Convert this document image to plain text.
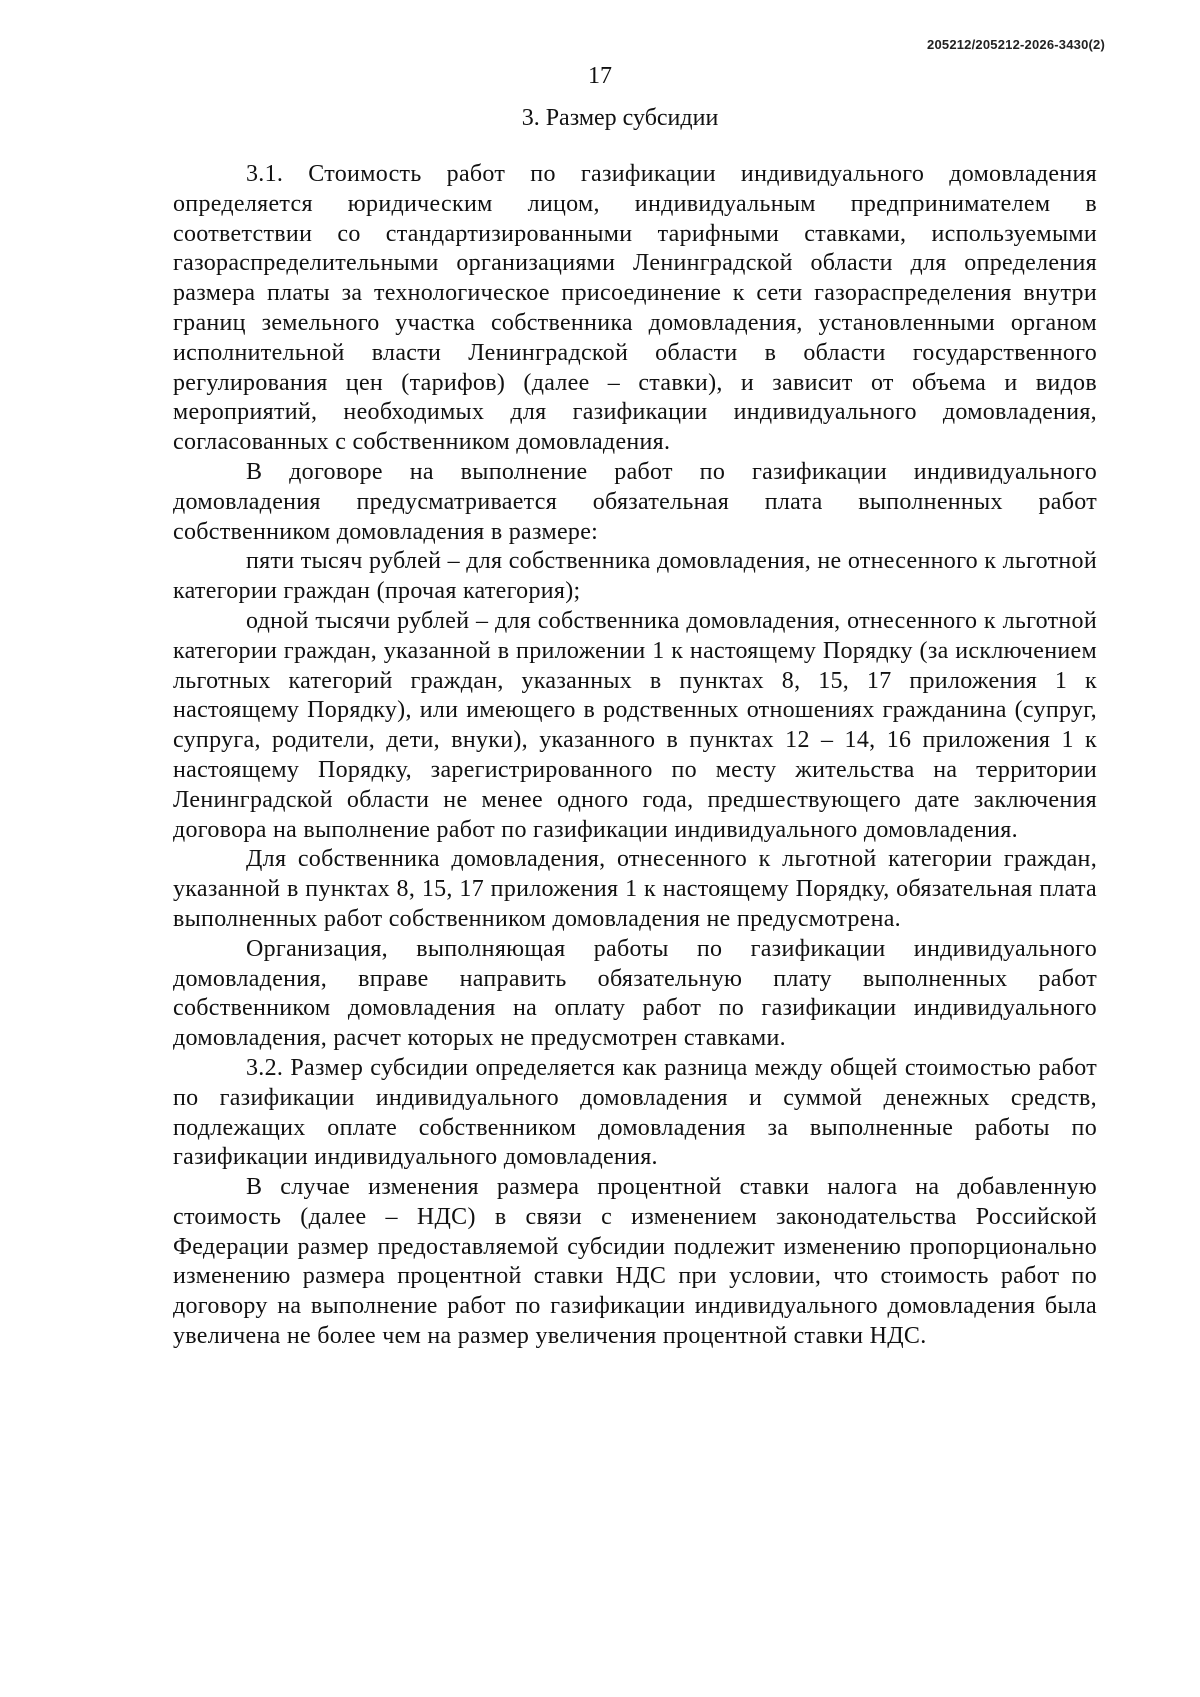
205212/205212-2026-3430(2)
17
3. Размер субсидии

3.1. Стоимость работ по газификации индивидуального домовладения определяется юридическим лицом, индивидуальным предпринимателем в соответствии со стандартизированными тарифными ставками, используемыми газораспределительными организациями Ленинградской области для определения размера платы за технологическое присоединение к сети газораспределения внутри границ земельного участка собственника домовладения, установленными органом исполнительной власти Ленинградской области в области государственного регулирования цен (тарифов) (далее – ставки), и зависит от объема и видов мероприятий, необходимых для газификации индивидуального домовладения, согласованных с собственником домовладения.

В договоре на выполнение работ по газификации индивидуального домовладения предусматривается обязательная плата выполненных работ собственником домовладения в размере:

пяти тысяч рублей – для собственника домовладения, не отнесенного к льготной категории граждан (прочая категория);

одной тысячи рублей – для собственника домовладения, отнесенного к льготной категории граждан, указанной в приложении 1 к настоящему Порядку (за исключением льготных категорий граждан, указанных в пунктах 8, 15, 17 приложения 1 к настоящему Порядку), или имеющего в родственных отношениях гражданина (супруг, супруга, родители, дети, внуки), указанного в пунктах 12 – 14, 16 приложения 1 к настоящему Порядку, зарегистрированного по месту жительства на территории Ленинградской области не менее одного года, предшествующего дате заключения договора на выполнение работ по газификации индивидуального домовладения.

Для собственника домовладения, отнесенного к льготной категории граждан, указанной в пунктах 8, 15, 17 приложения 1 к настоящему Порядку, обязательная плата выполненных работ собственником домовладения не предусмотрена.

Организация, выполняющая работы по газификации индивидуального домовладения, вправе направить обязательную плату выполненных работ собственником домовладения на оплату работ по газификации индивидуального домовладения, расчет которых не предусмотрен ставками.

3.2. Размер субсидии определяется как разница между общей стоимостью работ по газификации индивидуального домовладения и суммой денежных средств, подлежащих оплате собственником домовладения за выполненные работы по газификации индивидуального домовладения.

В случае изменения размера процентной ставки налога на добавленную стоимость (далее – НДС) в связи с изменением законодательства Российской Федерации размер предоставляемой субсидии подлежит изменению пропорционально изменению размера процентной ставки НДС при условии, что стоимость работ по договору на выполнение работ по газификации индивидуального домовладения была увеличена не более чем на размер увеличения процентной ставки НДС.
